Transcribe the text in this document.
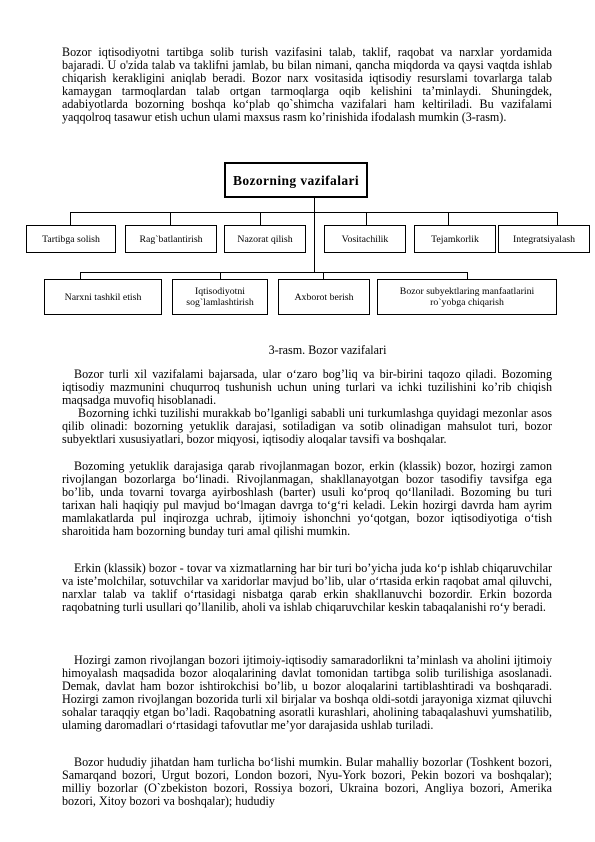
Bozor iqtisodiyotni tartibga solib turish vazifasini talab, taklif, raqobat va narxlar yordamida bajaradi. U o'zida talab va taklifni jamlab, bu bilan nimani, qancha miqdorda va qaysi vaqtda ishlab chiqarish kerakligini aniqlab beradi. Bozor narx vositasida iqtisodiy resurslami tovarlarga talab kamaygan tarmoqlardan talab ortgan tarmoqlarga oqib kelishini ta’minlaydi. Shuningdek, adabiyotlarda bozorning boshqa ko‘plab qo`shimcha vazifalari ham keltiriladi. Bu vazifalami yaqqolroq tasawur etish uchun ulami maxsus rasm ko’rinishida ifodalash mumkin (3-rasm).

Bozorning vazifalari
Tartibga solish	Rag`batlantirish	Nazorat qilish	Vositachilik	Tejamkorlik	Integratsiyalash
Narxni tashkil etish	Iqtisodiyotni sog`lamlashtirish	Axborot berish	Bozor subyektlaring manfaatlarini ro`yobga chiqarish
3-rasm. Bozor vazifalari

Bozor turli xil vazifalami bajarsada, ular o‘zaro bog’liq va bir-birini taqozo qiladi. Bozoming iqtisodiy mazmunini chuqurroq tushunish uchun uning turlari va ichki tuzilishini ko’rib chiqish maqsadga muvofiq hisoblanadi.

Bozorning ichki tuzilishi murakkab bo’lganligi sababli uni turkumlashga quyidagi mezonlar asos qilib olinadi: bozorning yetuklik darajasi, sotiladigan va sotib olinadigan mahsulot turi, bozor subyektlari xususiyatlari, bozor miqyosi, iqtisodiy aloqalar tavsifi va boshqalar.

Bozoming yetuklik darajasiga qarab rivojlanmagan bozor, erkin (klassik) bozor, hozirgi zamon rivojlangan bozorlarga bo‘linadi. Rivojlanmagan, shakllanayotgan bozor tasodifiy tavsifga ega bo’lib, unda tovarni tovarga ayirboshlash (barter) usuli ko‘proq qo‘llaniladi. Bozoming bu turi tarixan hali haqiqiy pul mavjud bo‘lmagan davrga to‘g‘ri keladi. Lekin hozirgi davrda ham ayrim mamlakatlarda pul inqirozga uchrab, ijtimoiy ishonchni yo‘qotgan, bozor iqtisodiyotiga o‘tish sharoitida ham bozorning bunday turi amal qilishi mumkin.

Erkin (klassik) bozor - tovar va xizmatlarning har bir turi bo’yicha juda ko‘p ishlab chiqaruvchilar va iste’molchilar, sotuvchilar va xaridorlar mavjud bo’lib, ular o‘rtasida erkin raqobat amal qiluvchi, narxlar talab va taklif o‘rtasidagi nisbatga qarab erkin shakllanuvchi bozordir. Erkin bozorda raqobatning turli usullari qo’llanilib, aholi va ishlab chiqaruvchilar keskin tabaqalanishi ro‘y beradi.

Hozirgi zamon rivojlangan bozori ijtimoiy-iqtisodiy samaradorlikni ta’minlash va aholini ijtimoiy himoyalash maqsadida bozor aloqalarining davlat tomonidan tartibga solib turilishiga asoslanadi. Demak, davlat ham bozor ishtirokchisi bo’lib, u bozor aloqalarini tartiblashtiradi va boshqaradi. Hozirgi zamon rivojlangan bozorida turli xil birjalar va boshqa oldi-sotdi jarayoniga xizmat qiluvchi sohalar taraqqiy etgan bo’ladi. Raqobatning asoratli kurashlari, aholining tabaqalashuvi yumshatilib, ulaming daromadlari o‘rtasidagi tafovutlar me’yor darajasida ushlab turiladi.

Bozor hududiy jihatdan ham turlicha bo‘lishi mumkin. Bular mahalliy bozorlar (Toshkent bozori, Samarqand bozori, Urgut bozori, London bozori, Nyu-York bozori, Pekin bozori va boshqalar); milliy bozorlar (O`zbekiston bozori, Rossiya bozori, Ukraina bozori, Angliya bozori, Amerika bozori, Xitoy bozori va boshqalar); hududiy
